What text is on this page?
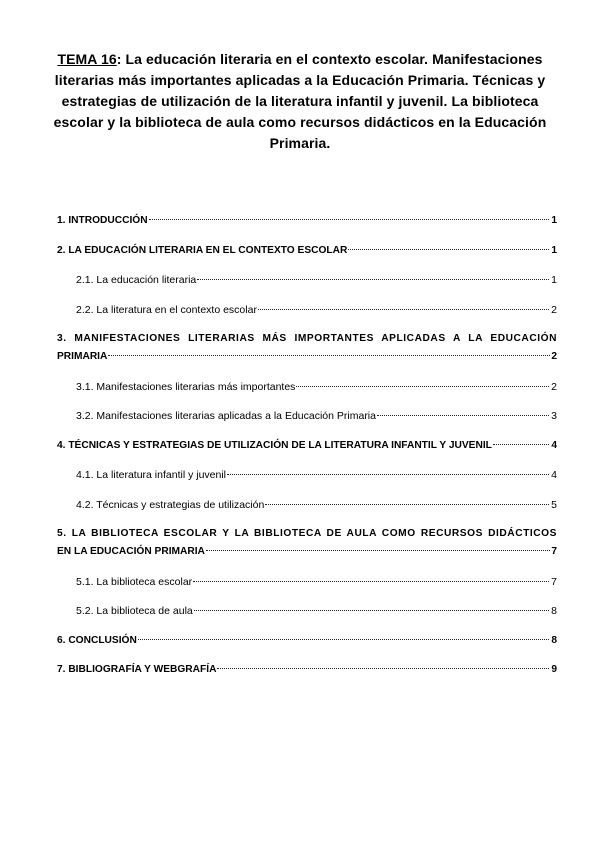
TEMA 16: La educación literaria en el contexto escolar. Manifestaciones literarias más importantes aplicadas a la Educación Primaria. Técnicas y estrategias de utilización de la literatura infantil y juvenil. La biblioteca escolar y la biblioteca de aula como recursos didácticos en la Educación Primaria.
1. INTRODUCCIÓN	1
2. LA EDUCACIÓN LITERARIA EN EL CONTEXTO ESCOLAR	1
2.1. La educación literaria	1
2.2. La literatura en el contexto escolar	2
3. MANIFESTACIONES LITERARIAS MÁS IMPORTANTES APLICADAS A LA EDUCACIÓN
PRIMARIA	2
3.1. Manifestaciones literarias más importantes	2
3.2. Manifestaciones literarias aplicadas a la Educación Primaria	3
4. TÉCNICAS Y ESTRATEGIAS DE UTILIZACIÓN DE LA LITERATURA INFANTIL Y JUVENIL	4
4.1. La literatura infantil y juvenil	4
4.2. Técnicas y estrategias de utilización	5
5. LA BIBLIOTECA ESCOLAR Y LA BIBLIOTECA DE AULA COMO RECURSOS DIDÁCTICOS
EN LA EDUCACIÓN PRIMARIA	7
5.1. La biblioteca escolar	7
5.2. La biblioteca de aula	8
6. CONCLUSIÓN	8
7. BIBLIOGRAFÍA Y WEBGRAFÍA	9
